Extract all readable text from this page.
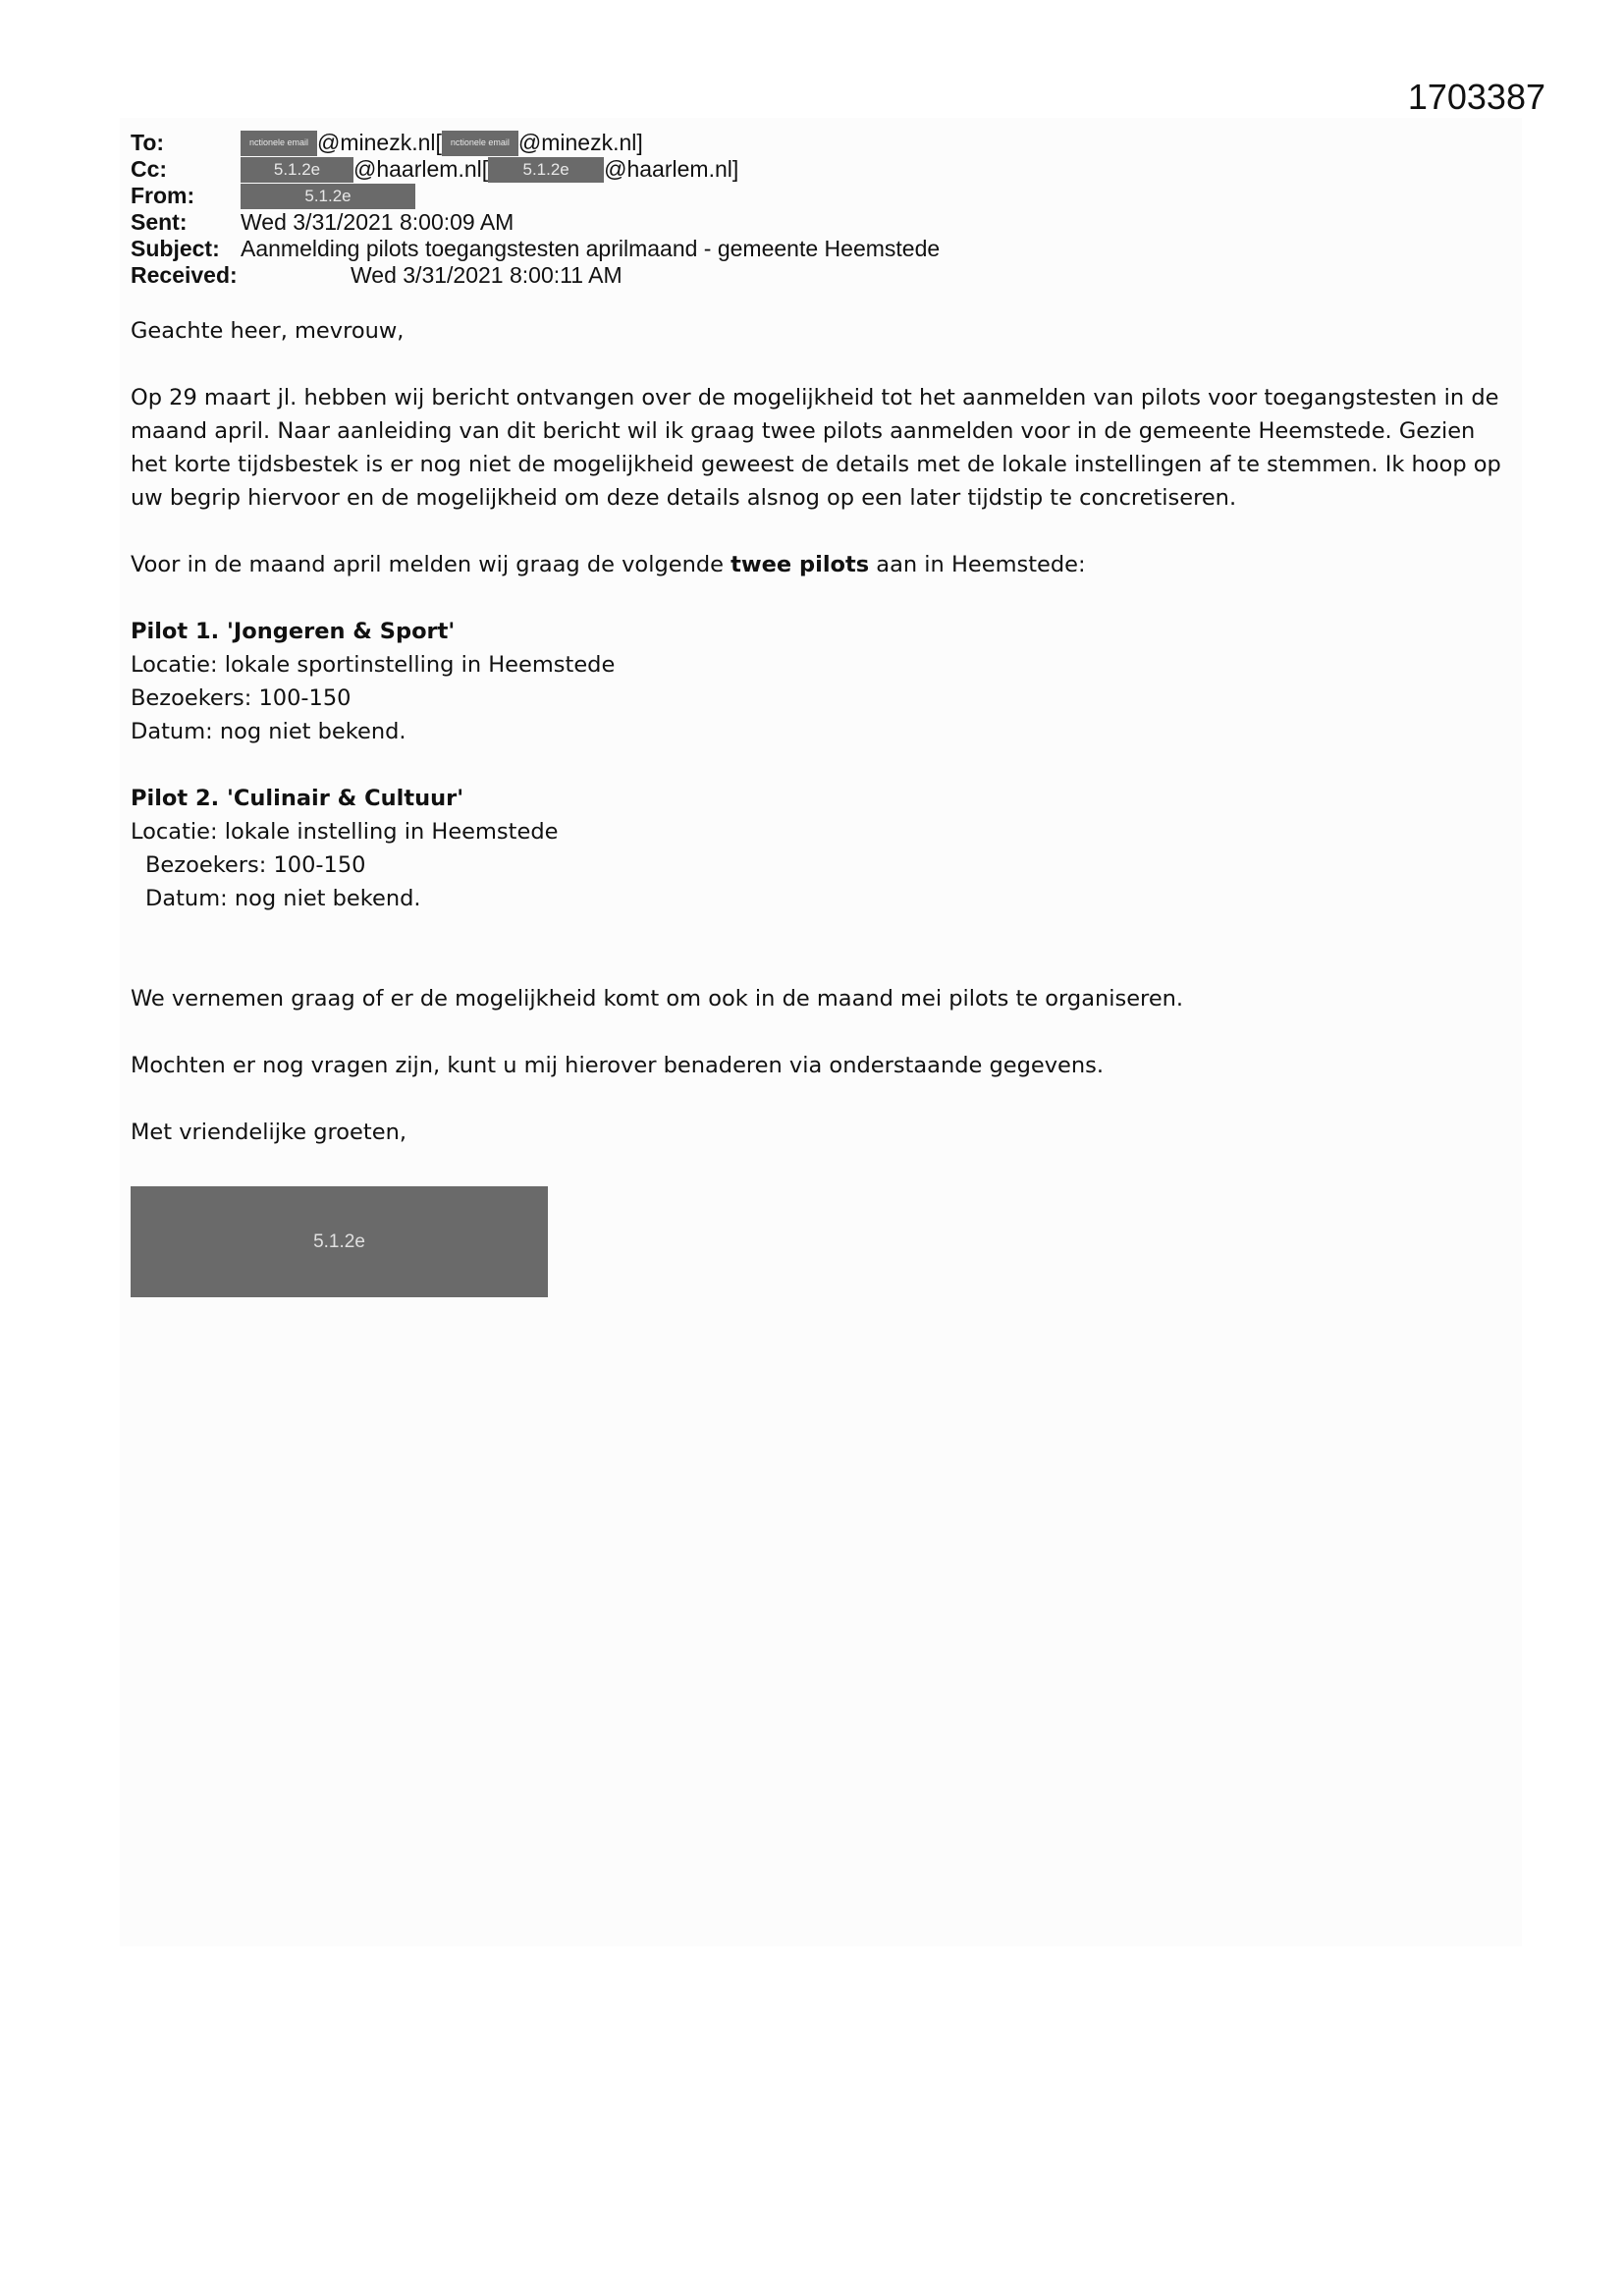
1703387
To:	nctionele email @minezk.nl[ nctionele email @minezk.nl]
Cc:	5.1.2e	@haarlem.nl[	5.1.2e	@haarlem.nl]
From:	5.1.2e
Sent: Wed 3/31/2021 8:00:09 AM
Subject: Aanmelding pilots toegangstesten aprilmaand - gemeente Heemstede
Received:	Wed 3/31/2021 8:00:11 AM

Geachte heer, mevrouw,

Op 29 maart jl. hebben wij bericht ontvangen over de mogelijkheid tot het aanmelden van pilots voor toegangstesten in de

maand april. Naar aanleiding van dit bericht wil ik graag twee pilots aanmelden voor in de gemeente Heemstede. Gezien

het korte tijdsbestek is er nog niet de mogelijkheid geweest de details met de lokale instellingen af te stemmen. Ik hoop op

uw begrip hiervoor en de mogelijkheid om deze details alsnog op een later tijdstip te concretiseren.

Voor in de maand april melden wij graag de volgende twee pilots aan in Heemstede:

Pilot 1. 'Jongeren & Sport'

Locatie: lokale sportinstelling in Heemstede

Bezoekers: 100-150

Datum: nog niet bekend.

Pilot 2. 'Culinair & Cultuur'

Locatie: lokale instelling in Heemstede

Bezoekers: 100-150

Datum: nog niet bekend.

We vernemen graag of er de mogelijkheid komt om ook in de maand mei pilots te organiseren.

Mochten er nog vragen zijn, kunt u mij hierover benaderen via onderstaande gegevens.

Met vriendelijke groeten,

5.1.2e
